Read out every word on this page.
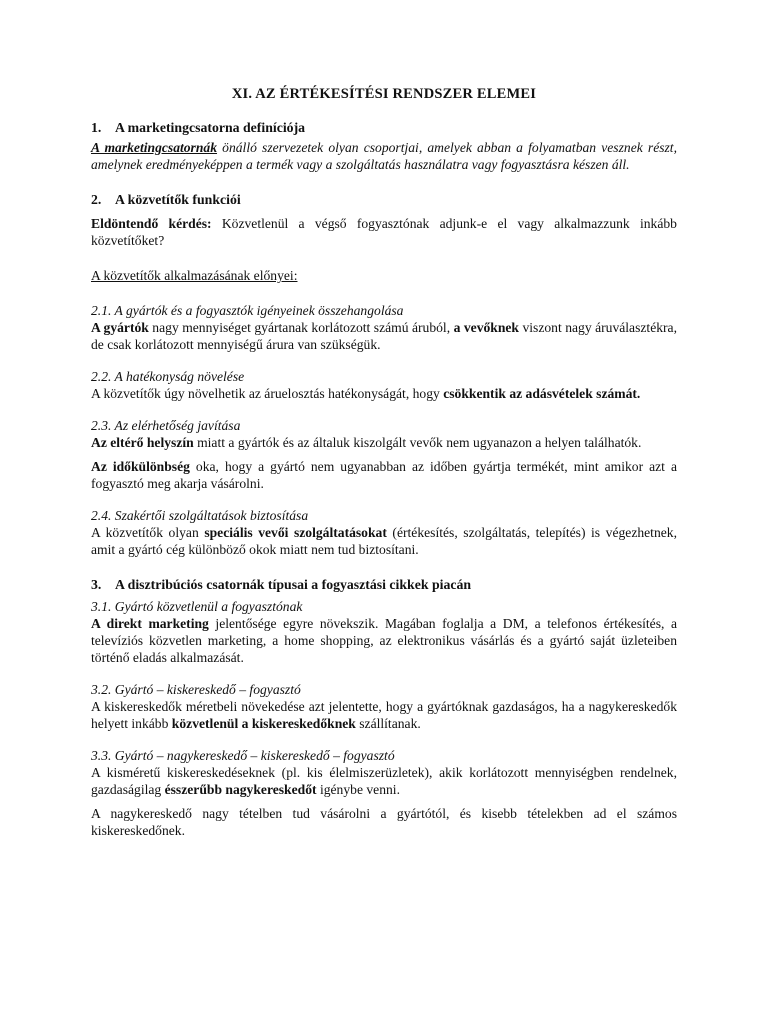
XI. AZ ÉRTÉKESÍTÉSI RENDSZER ELEMEI
1. A marketingcsatorna definíciója

A marketingcsatornák önálló szervezetek olyan csoportjai, amelyek abban a folyamatban vesznek részt, amelynek eredményeképpen a termék vagy a szolgáltatás használatra vagy fogyasztásra készen áll.

2. A közvetítők funkciói

Eldöntendő kérdés: Közvetlenül a végső fogyasztónak adjunk-e el vagy alkalmazzunk inkább közvetítőket?

A közvetítők alkalmazásának előnyei:

2.1. A gyártók és a fogyasztók igényeinek összehangolása

A gyártók nagy mennyiséget gyártanak korlátozott számú áruból, a vevőknek viszont nagy áruválasztékra, de csak korlátozott mennyiségű árura van szükségük.

2.2. A hatékonyság növelése

A közvetítők úgy növelhetik az áruelosztás hatékonyságát, hogy csökkentik az adásvételek számát.

2.3. Az elérhetőség javítása

Az eltérő helyszín miatt a gyártók és az általuk kiszolgált vevők nem ugyanazon a helyen találhatók.

Az időkülönbség oka, hogy a gyártó nem ugyanabban az időben gyártja termékét, mint amikor azt a fogyasztó meg akarja vásárolni.

2.4. Szakértői szolgáltatások biztosítása

A közvetítők olyan speciális vevői szolgáltatásokat (értékesítés, szolgáltatás, telepítés) is végezhetnek, amit a gyártó cég különböző okok miatt nem tud biztosítani.

3. A disztribúciós csatornák típusai a fogyasztási cikkek piacán

3.1. Gyártó közvetlenül a fogyasztónak

A direkt marketing jelentősége egyre növekszik. Magában foglalja a DM, a telefonos értékesítés, a televíziós közvetlen marketing, a home shopping, az elektronikus vásárlás és a gyártó saját üzleteiben történő eladás alkalmazását.

3.2. Gyártó – kiskereskedő – fogyasztó

A kiskereskedők méretbeli növekedése azt jelentette, hogy a gyártóknak gazdaságos, ha a nagykereskedők helyett inkább közvetlenül a kiskereskedőknek szállítanak.

3.3. Gyártó – nagykereskedő – kiskereskedő – fogyasztó

A kisméretű kiskereskedéseknek (pl. kis élelmiszerüzletek), akik korlátozott mennyiségben rendelnek, gazdaságilag ésszerűbb nagykereskedőt igénybe venni.

A nagykereskedő nagy tételben tud vásárolni a gyártótól, és kisebb tételekben ad el számos kiskereskedőnek.
